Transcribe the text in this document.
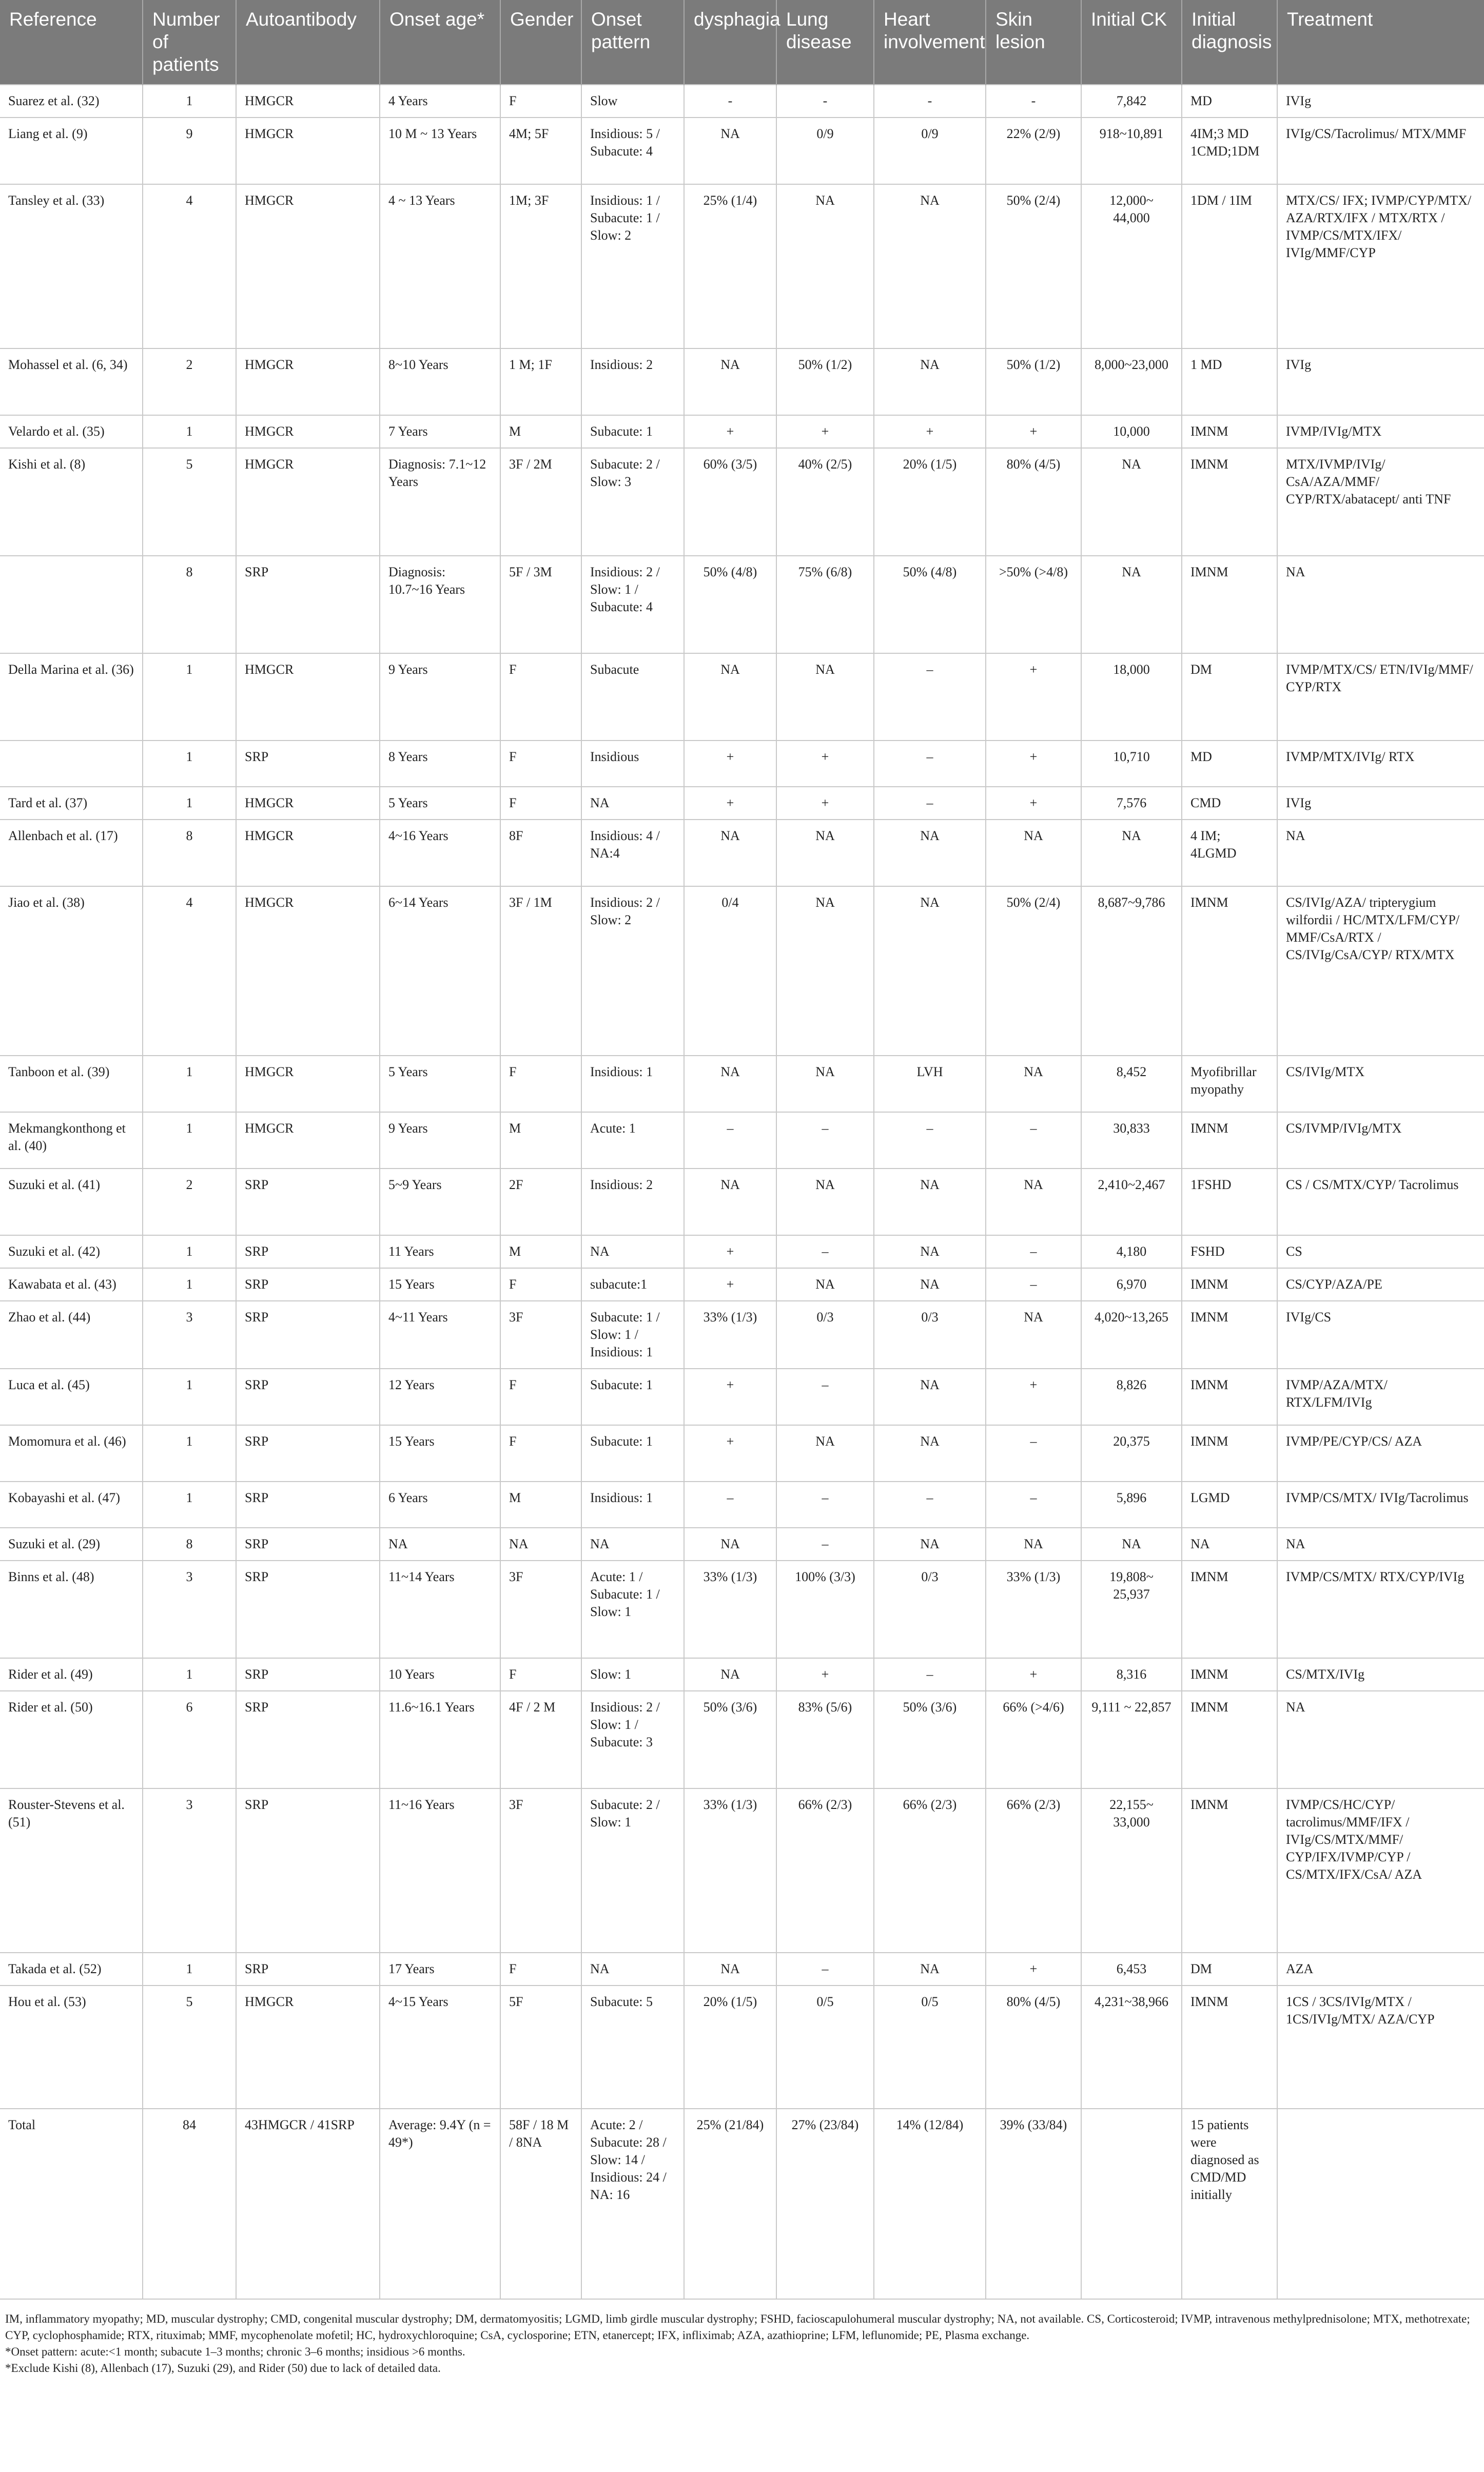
Reference	Number of patients	Autoantibody	Onset age*	Gender	Onset pattern	dysphagia	Lung disease	Heart involvement	Skin lesion	Initial CK	Initial diagnosis	Treatment
Suarez et al. (32)	1	HMGCR	4 Years	F	Slow	-	-	-	-	7,842	MD	IVIg
Liang et al. (9)	9	HMGCR	10 M ~ 13 Years	4M; 5F	Insidious: 5 / Subacute: 4	NA	0/9	0/9	22% (2/9)	918~10,891	4IM;3 MD 1CMD;1DM	IVIg/CS/Tacrolimus/ MTX/MMF
Tansley et al. (33)	4	HMGCR	4 ~ 13 Years	1M; 3F	Insidious: 1 / Subacute: 1 / Slow: 2	25% (1/4)	NA	NA	50% (2/4)	12,000~ 44,000	1DM / 1IM	MTX/CS/ IFX; IVMP/CYP/MTX/ AZA/RTX/IFX / MTX/RTX / IVMP/CS/MTX/IFX/ IVIg/MMF/CYP
Mohassel et al. (6, 34)	2	HMGCR	8~10 Years	1 M; 1F	Insidious: 2	NA	50% (1/2)	NA	50% (1/2)	8,000~23,000	1 MD	IVIg
Velardo et al. (35)	1	HMGCR	7 Years	M	Subacute: 1	+	+	+	+	10,000	IMNM	IVMP/IVIg/MTX
Kishi et al. (8)	5	HMGCR	Diagnosis: 7.1~12 Years	3F / 2M	Subacute: 2 / Slow: 3	60% (3/5)	40% (2/5)	20% (1/5)	80% (4/5)	NA	IMNM	MTX/IVMP/IVIg/ CsA/AZA/MMF/ CYP/RTX/abatacept/ anti TNF
	8	SRP	Diagnosis: 10.7~16 Years	5F / 3M	Insidious: 2 / Slow: 1 / Subacute: 4	50% (4/8)	75% (6/8)	50% (4/8)	>50% (>4/8)	NA	IMNM	NA
Della Marina et al. (36)	1	HMGCR	9 Years	F	Subacute	NA	NA	–	+	18,000	DM	IVMP/MTX/CS/ ETN/IVIg/MMF/ CYP/RTX
	1	SRP	8 Years	F	Insidious	+	+	–	+	10,710	MD	IVMP/MTX/IVIg/ RTX
Tard et al. (37)	1	HMGCR	5 Years	F	NA	+	+	–	+	7,576	CMD	IVIg
Allenbach et al. (17)	8	HMGCR	4~16 Years	8F	Insidious: 4 / NA:4	NA	NA	NA	NA	NA	4 IM; 4LGMD	NA
Jiao et al. (38)	4	HMGCR	6~14 Years	3F / 1M	Insidious: 2 / Slow: 2	0/4	NA	NA	50% (2/4)	8,687~9,786	IMNM	CS/IVIg/AZA/ tripterygium wilfordii / HC/MTX/LFM/CYP/ MMF/CsA/RTX / CS/IVIg/CsA/CYP/ RTX/MTX
Tanboon et al. (39)	1	HMGCR	5 Years	F	Insidious: 1	NA	NA	LVH	NA	8,452	Myofibrillar myopathy	CS/IVIg/MTX
Mekmangkonthong et al. (40)	1	HMGCR	9 Years	M	Acute: 1	–	–	–	–	30,833	IMNM	CS/IVMP/IVIg/MTX
Suzuki et al. (41)	2	SRP	5~9 Years	2F	Insidious: 2	NA	NA	NA	NA	2,410~2,467	1FSHD	CS / CS/MTX/CYP/ Tacrolimus
Suzuki et al. (42)	1	SRP	11 Years	M	NA	+	–	NA	–	4,180	FSHD	CS
Kawabata et al. (43)	1	SRP	15 Years	F	subacute:1	+	NA	NA	–	6,970	IMNM	CS/CYP/AZA/PE
Zhao et al. (44)	3	SRP	4~11 Years	3F	Subacute: 1 / Slow: 1 / Insidious: 1	33% (1/3)	0/3	0/3	NA	4,020~13,265	IMNM	IVIg/CS
Luca et al. (45)	1	SRP	12 Years	F	Subacute: 1	+	–	NA	+	8,826	IMNM	IVMP/AZA/MTX/ RTX/LFM/IVIg
Momomura et al. (46)	1	SRP	15 Years	F	Subacute: 1	+	NA	NA	–	20,375	IMNM	IVMP/PE/CYP/CS/ AZA
Kobayashi et al. (47)	1	SRP	6 Years	M	Insidious: 1	–	–	–	–	5,896	LGMD	IVMP/CS/MTX/ IVIg/Tacrolimus
Suzuki et al. (29)	8	SRP	NA	NA	NA	NA	–	NA	NA	NA	NA	NA
Binns et al. (48)	3	SRP	11~14 Years	3F	Acute: 1 / Subacute: 1 / Slow: 1	33% (1/3)	100% (3/3)	0/3	33% (1/3)	19,808~ 25,937	IMNM	IVMP/CS/MTX/ RTX/CYP/IVIg
Rider et al. (49)	1	SRP	10 Years	F	Slow: 1	NA	+	–	+	8,316	IMNM	CS/MTX/IVIg
Rider et al. (50)	6	SRP	11.6~16.1 Years	4F / 2 M	Insidious: 2 / Slow: 1 / Subacute: 3	50% (3/6)	83% (5/6)	50% (3/6)	66% (>4/6)	9,111 ~ 22,857	IMNM	NA
Rouster-Stevens et al. (51)	3	SRP	11~16 Years	3F	Subacute: 2 / Slow: 1	33% (1/3)	66% (2/3)	66% (2/3)	66% (2/3)	22,155~ 33,000	IMNM	IVMP/CS/HC/CYP/ tacrolimus/MMF/IFX / IVIg/CS/MTX/MMF/ CYP/IFX/IVMP/CYP / CS/MTX/IFX/CsA/ AZA
Takada et al. (52)	1	SRP	17 Years	F	NA	NA	–	NA	+	6,453	DM	AZA
Hou et al. (53)	5	HMGCR	4~15 Years	5F	Subacute: 5	20% (1/5)	0/5	0/5	80% (4/5)	4,231~38,966	IMNM	1CS / 3CS/IVIg/MTX / 1CS/IVIg/MTX/ AZA/CYP
Total	84	43HMGCR / 41SRP	Average: 9.4Y (n = 49*)	58F / 18 M / 8NA	Acute: 2 / Subacute: 28 / Slow: 14 / Insidious: 24 / NA: 16	25% (21/84)	27% (23/84)	14% (12/84)	39% (33/84)		15 patients were diagnosed as CMD/MD initially	
IM, inflammatory myopathy; MD, muscular dystrophy; CMD, congenital muscular dystrophy; DM, dermatomyositis; LGMD, limb girdle muscular dystrophy; FSHD, facioscapulohumeral muscular dystrophy; NA, not available. CS, Corticosteroid; IVMP, intravenous methylprednisolone; MTX, methotrexate; CYP, cyclophosphamide; RTX, rituximab; MMF, mycophenolate mofetil; HC, hydroxychloroquine; CsA, cyclosporine; ETN, etanercept; IFX, infliximab; AZA, azathioprine; LFM, leflunomide; PE, Plasma exchange.
*Onset pattern: acute:<1 month; subacute 1–3 months; chronic 3–6 months; insidious >6 months.
*Exclude Kishi (8), Allenbach (17), Suzuki (29), and Rider (50) due to lack of detailed data.
